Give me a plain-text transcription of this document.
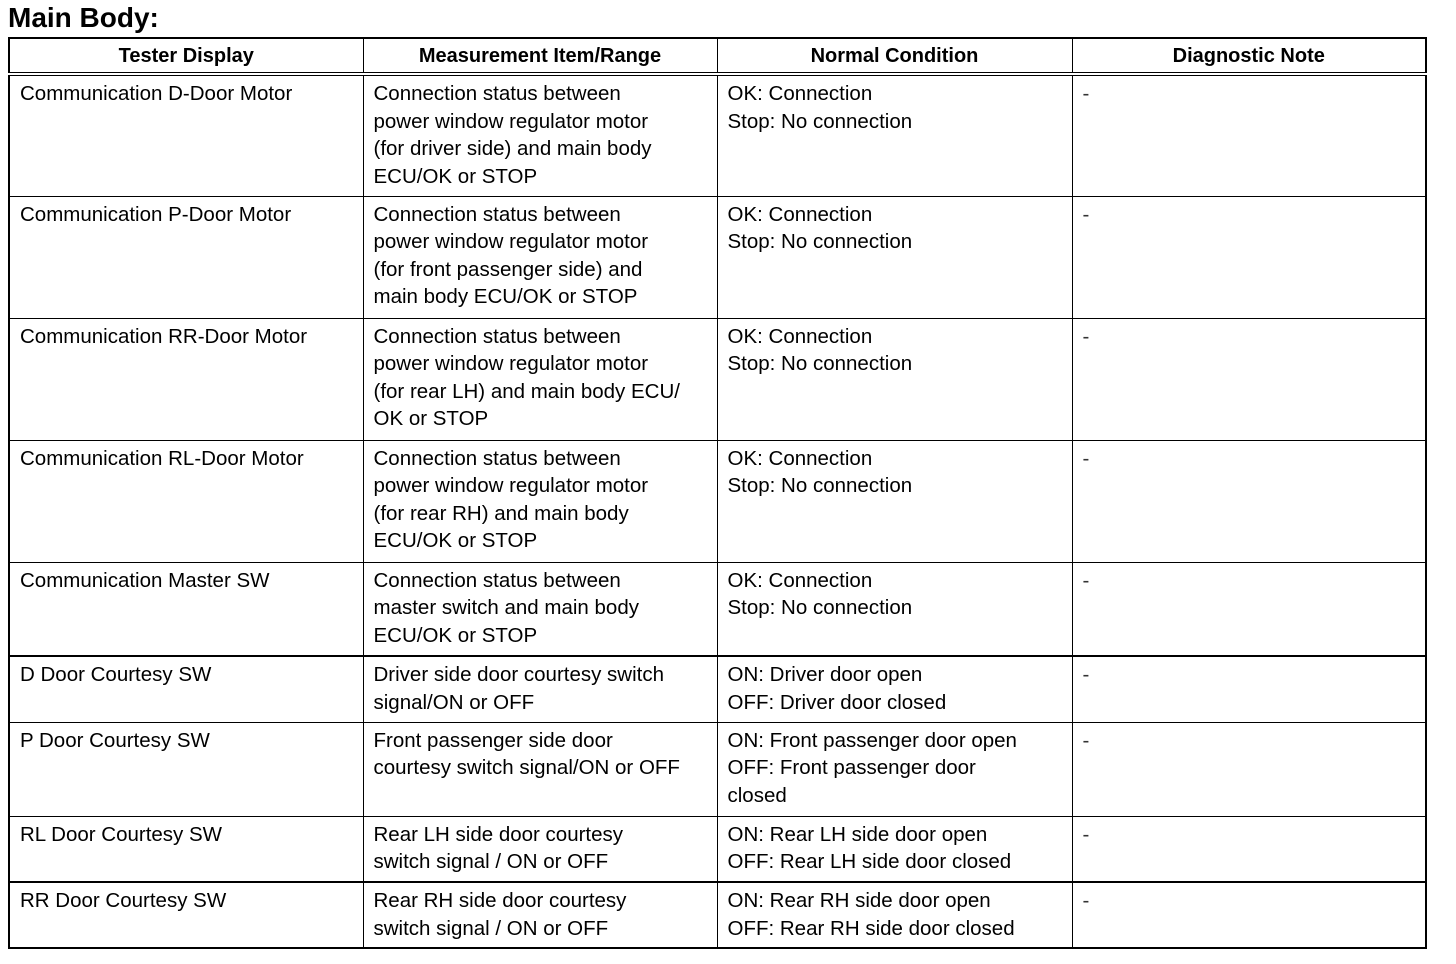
Main Body:
Tester Display	Measurement Item/Range	Normal Condition	Diagnostic Note
Communication D-Door Motor	Connection status between
power window regulator motor
(for driver side) and main body
ECU/OK or STOP	OK: Connection
Stop: No connection	-
Communication P-Door Motor	Connection status between
power window regulator motor
(for front passenger side) and
main body ECU/OK or STOP	OK: Connection
Stop: No connection	-
Communication RR-Door Motor	Connection status between
power window regulator motor
(for rear LH) and main body ECU/
OK or STOP	OK: Connection
Stop: No connection	-
Communication RL-Door Motor	Connection status between
power window regulator motor
(for rear RH) and main body
ECU/OK or STOP	OK: Connection
Stop: No connection	-
Communication Master SW	Connection status between
master switch and main body
ECU/OK or STOP	OK: Connection
Stop: No connection	-
D Door Courtesy SW	Driver side door courtesy switch
signal/ON or OFF	ON: Driver door open
OFF: Driver door closed	-
P Door Courtesy SW	Front passenger side door
courtesy switch signal/ON or OFF	ON: Front passenger door open
OFF: Front passenger door
closed	-
RL Door Courtesy SW	Rear LH side door courtesy
switch signal / ON or OFF	ON: Rear LH side door open
OFF: Rear LH side door closed	-
RR Door Courtesy SW	Rear RH side door courtesy
switch signal / ON or OFF	ON: Rear RH side door open
OFF: Rear RH side door closed	-
